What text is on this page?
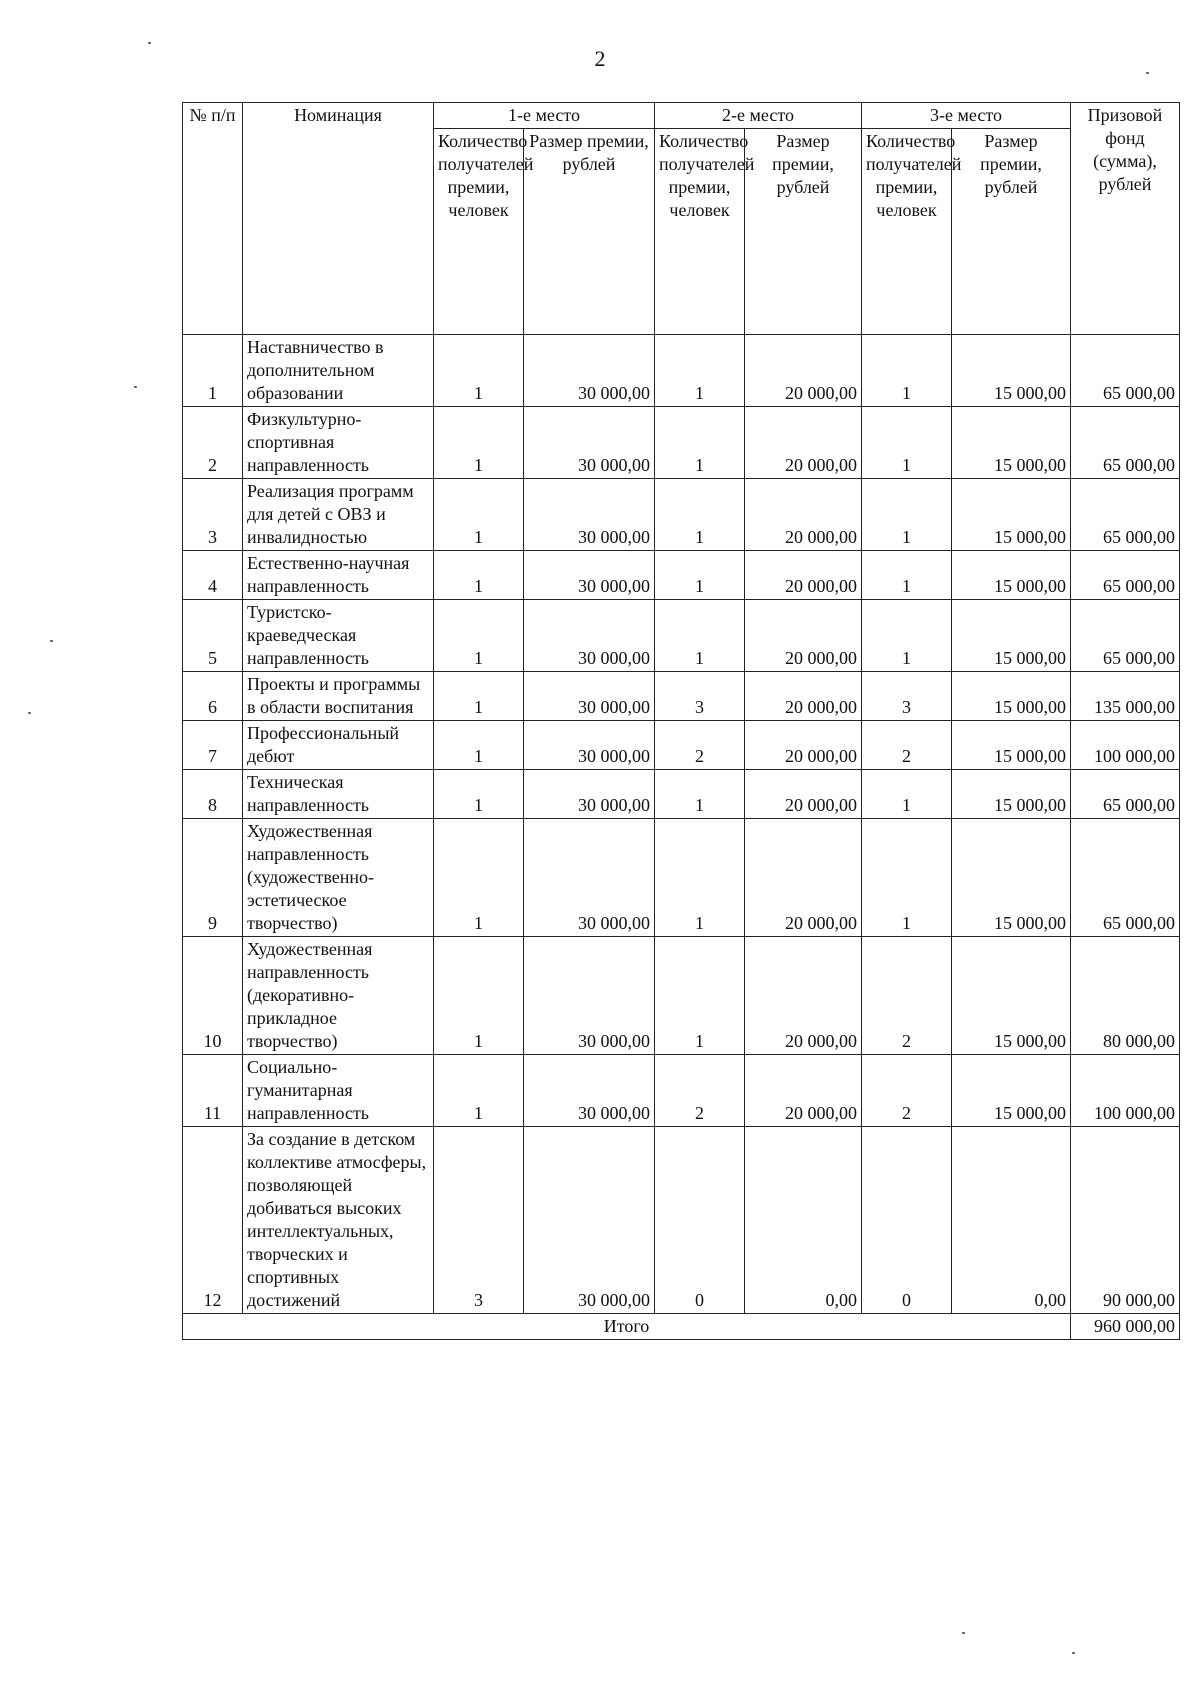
2
№ п/п	Номинация	1-е место		2-е место		3-е место		Призовой фонд (сумма), рублей
		Количество получателей премии, человек	Размер премии, рублей	Количество получателей премии, человек	Размер премии, рублей	Количество получателей премии, человек	Размер премии, рублей	
1	Наставничество в дополнительном образовании	1	30 000,00	1	20 000,00	1	15 000,00	65 000,00
2	Физкультурно-спортивная направленность	1	30 000,00	1	20 000,00	1	15 000,00	65 000,00
3	Реализация программ для детей с ОВЗ и инвалидностью	1	30 000,00	1	20 000,00	1	15 000,00	65 000,00
4	Естественно-научная направленность	1	30 000,00	1	20 000,00	1	15 000,00	65 000,00
5	Туристско-краеведческая направленность	1	30 000,00	1	20 000,00	1	15 000,00	65 000,00
6	Проекты и программы в области воспитания	1	30 000,00	3	20 000,00	3	15 000,00	135 000,00
7	Профессиональный дебют	1	30 000,00	2	20 000,00	2	15 000,00	100 000,00
8	Техническая направленность	1	30 000,00	1	20 000,00	1	15 000,00	65 000,00
9	Художественная направленность (художественно-эстетическое творчество)	1	30 000,00	1	20 000,00	1	15 000,00	65 000,00
10	Художественная направленность (декоративно-прикладное творчество)	1	30 000,00	1	20 000,00	2	15 000,00	80 000,00
11	Социально-гуманитарная направленность	1	30 000,00	2	20 000,00	2	15 000,00	100 000,00
12	За создание в детском коллективе атмосферы, позволяющей добиваться высоких интеллектуальных, творческих и спортивных достижений	3	30 000,00	0	0,00	0	0,00	90 000,00
Итого								960 000,00
